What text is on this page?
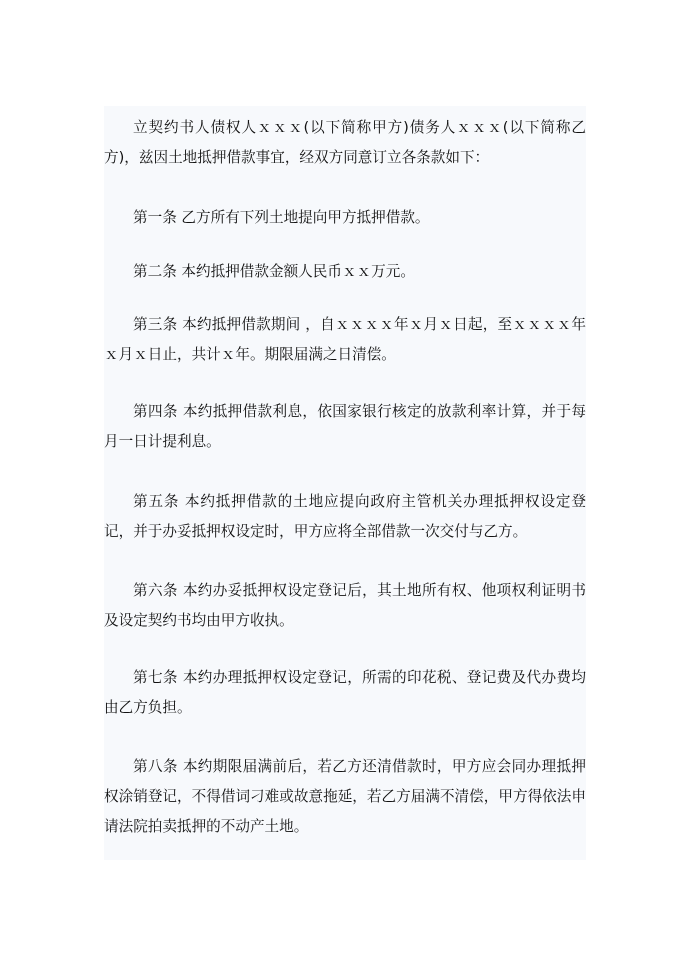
立契约书人债权人ｘｘｘ(以下简称甲方)债务人ｘｘｘ(以下简称乙方)，兹因土地抵押借款事宜，经双方同意订立各条款如下：

第一条 乙方所有下列土地提向甲方抵押借款。

第二条 本约抵押借款金额人民币ｘｘ万元。

第三条 本约抵押借款期间 ，自ｘｘｘｘ年ｘ月ｘ日起，至ｘｘｘｘ年ｘ月ｘ日止，共计ｘ年。期限届满之日清偿。

第四条 本约抵押借款利息，依国家银行核定的放款利率计算，并于每月一日计提利息。

第五条 本约抵押借款的土地应提向政府主管机关办理抵押权设定登记，并于办妥抵押权设定时，甲方应将全部借款一次交付与乙方。

第六条 本约办妥抵押权设定登记后，其土地所有权、他项权利证明书及设定契约书均由甲方收执。

第七条 本约办理抵押权设定登记，所需的印花税、登记费及代办费均由乙方负担。

第八条 本约期限届满前后，若乙方还清借款时，甲方应会同办理抵押权涂销登记，不得借词刁难或故意拖延，若乙方届满不清偿，甲方得依法申请法院拍卖抵押的不动产土地。
